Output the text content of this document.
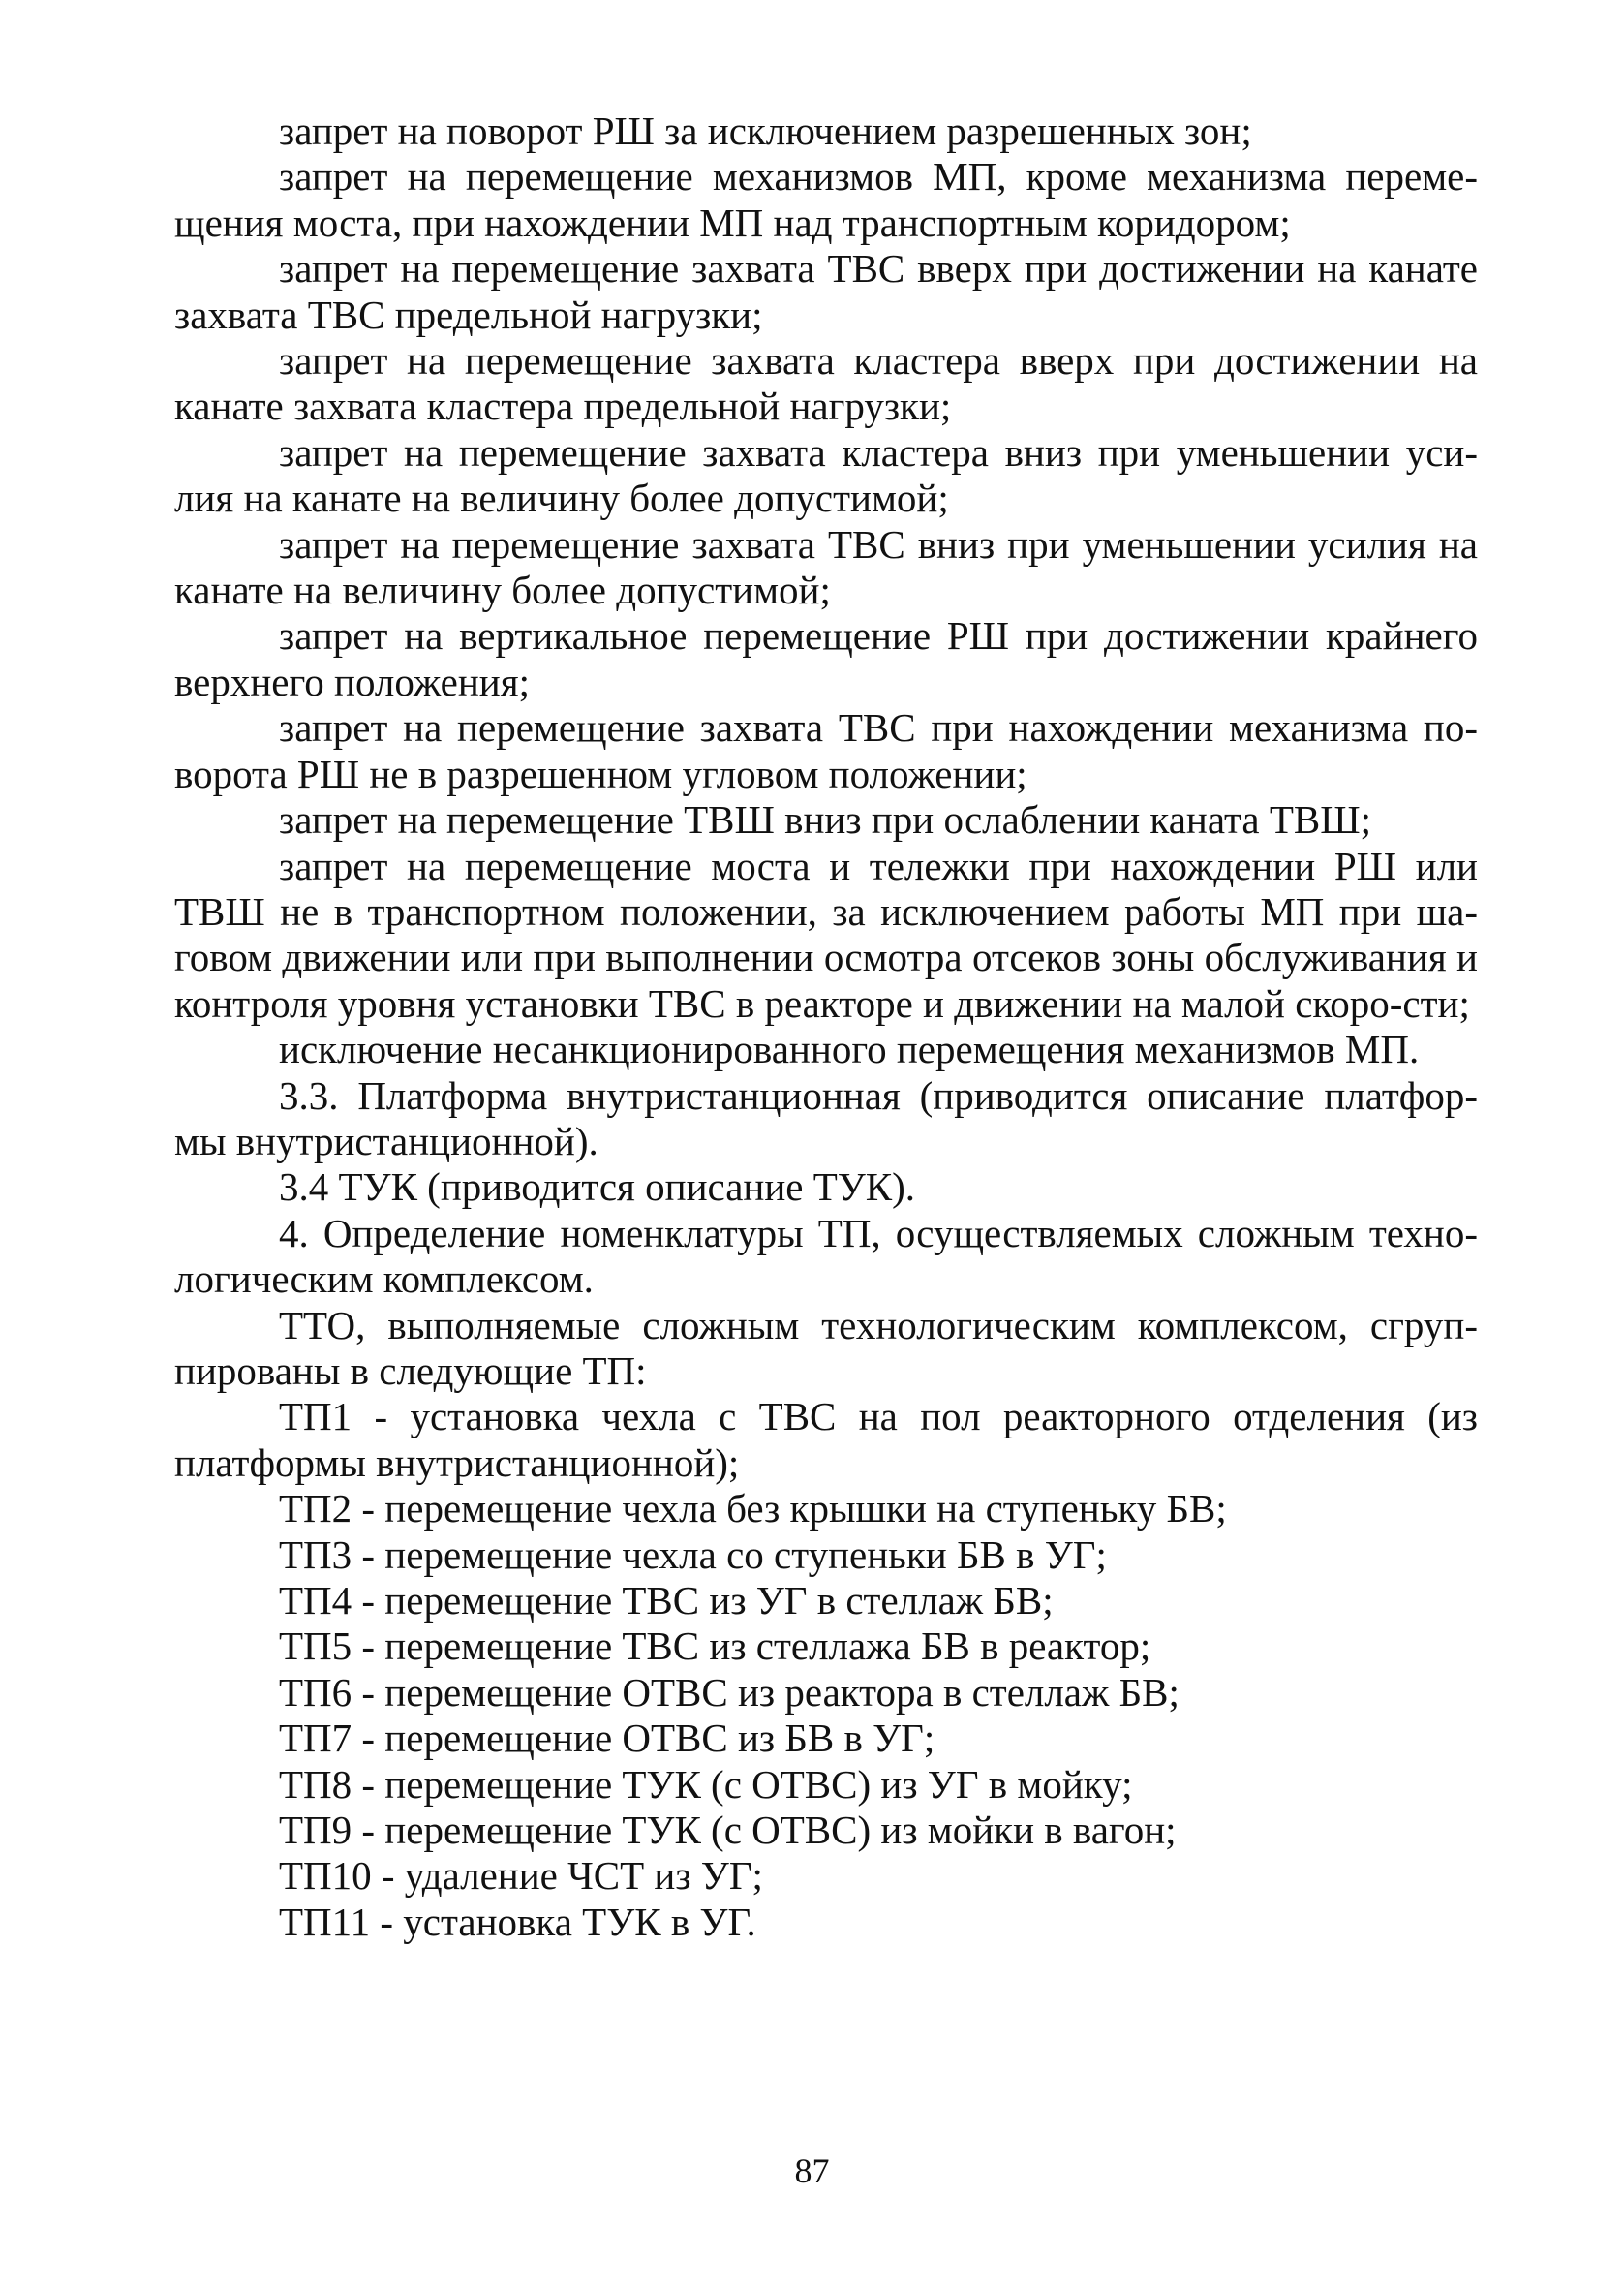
запрет на поворот РШ за исключением разрешенных зон;

запрет на перемещение механизмов МП, кроме механизма переме-щения моста, при нахождении МП над транспортным коридором;

запрет на перемещение захвата ТВС вверх при достижении на канате захвата ТВС предельной нагрузки;

запрет на перемещение захвата кластера вверх при достижении на канате захвата кластера предельной нагрузки;

запрет на перемещение захвата кластера вниз при уменьшении уси-лия на канате на величину более допустимой;

запрет на перемещение захвата ТВС вниз при уменьшении усилия на канате на величину более допустимой;

запрет на вертикальное перемещение РШ при достижении крайнего верхнего положения;

запрет на перемещение захвата ТВС при нахождении механизма по-ворота РШ не в разрешенном угловом положении;

запрет на перемещение ТВШ вниз при ослаблении каната ТВШ;

запрет на перемещение моста и тележки при нахождении РШ или ТВШ не в транспортном положении, за исключением работы МП при ша-говом движении или при выполнении осмотра отсеков зоны обслуживания и контроля уровня установки ТВС в реакторе и движении на малой скоро-сти;

исключение несанкционированного перемещения механизмов МП.

3.3. Платформа внутристанционная (приводится описание платфор-мы внутристанционной).

3.4 ТУК (приводится описание ТУК).

4. Определение номенклатуры ТП, осуществляемых сложным техно-логическим комплексом.

ТТО, выполняемые сложным технологическим комплексом, сгруп-пированы в следующие ТП:

ТП1 - установка чехла с ТВС на пол реакторного отделения (из платформы внутристанционной);

ТП2 - перемещение чехла без крышки на ступеньку БВ;

ТП3 - перемещение чехла со ступеньки БВ в УГ;

ТП4 - перемещение ТВС из УГ в стеллаж БВ;

ТП5 - перемещение ТВС из стеллажа БВ в реактор;

ТП6 - перемещение ОТВС из реактора в стеллаж БВ;

ТП7 - перемещение ОТВС из БВ в УГ;

ТП8 - перемещение ТУК (с ОТВС) из УГ в мойку;

ТП9 - перемещение ТУК (с ОТВС) из мойки в вагон;

ТП10 - удаление ЧСТ из УГ;

ТП11 - установка ТУК в УГ.

87
